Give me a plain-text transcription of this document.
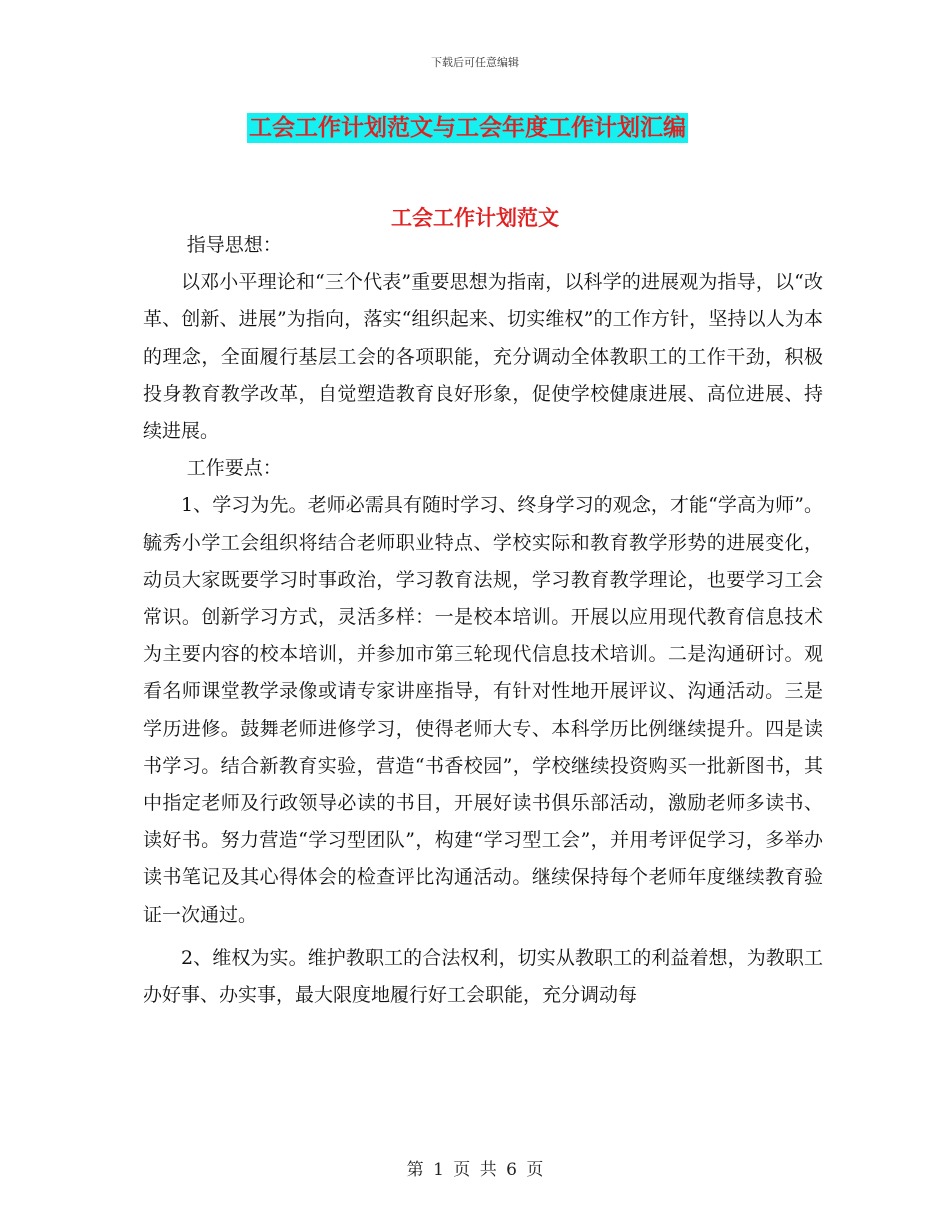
下载后可任意编辑
工会工作计划范文与工会年度工作计划汇编
工会工作计划范文

指导思想：

以邓小平理论和“三个代表”重要思想为指南，以科学的进展观为指导，以“改革、创新、进展”为指向，落实“组织起来、切实维权”的工作方针，坚持以人为本的理念，全面履行基层工会的各项职能，充分调动全体教职工的工作干劲，积极投身教育教学改革，自觉塑造教育良好形象，促使学校健康进展、高位进展、持续进展。

工作要点：

1、学习为先。老师必需具有随时学习、终身学习的观念，才能“学高为师”。毓秀小学工会组织将结合老师职业特点、学校实际和教育教学形势的进展变化，动员大家既要学习时事政治，学习教育法规，学习教育教学理论，也要学习工会常识。创新学习方式，灵活多样：一是校本培训。开展以应用现代教育信息技术为主要内容的校本培训，并参加市第三轮现代信息技术培训。二是沟通研讨。观看名师课堂教学录像或请专家讲座指导，有针对性地开展评议、沟通活动。三是学历进修。鼓舞老师进修学习，使得老师大专、本科学历比例继续提升。四是读书学习。结合新教育实验，营造“书香校园”，学校继续投资购买一批新图书，其中指定老师及行政领导必读的书目，开展好读书俱乐部活动，激励老师多读书、读好书。努力营造“学习型团队”，构建“学习型工会”，并用考评促学习，多举办读书笔记及其心得体会的检查评比沟通活动。继续保持每个老师年度继续教育验证一次通过。

2、维权为实。维护教职工的合法权利，切实从教职工的利益着想，为教职工办好事、办实事，最大限度地履行好工会职能，充分调动每

第 1 页 共 6 页
